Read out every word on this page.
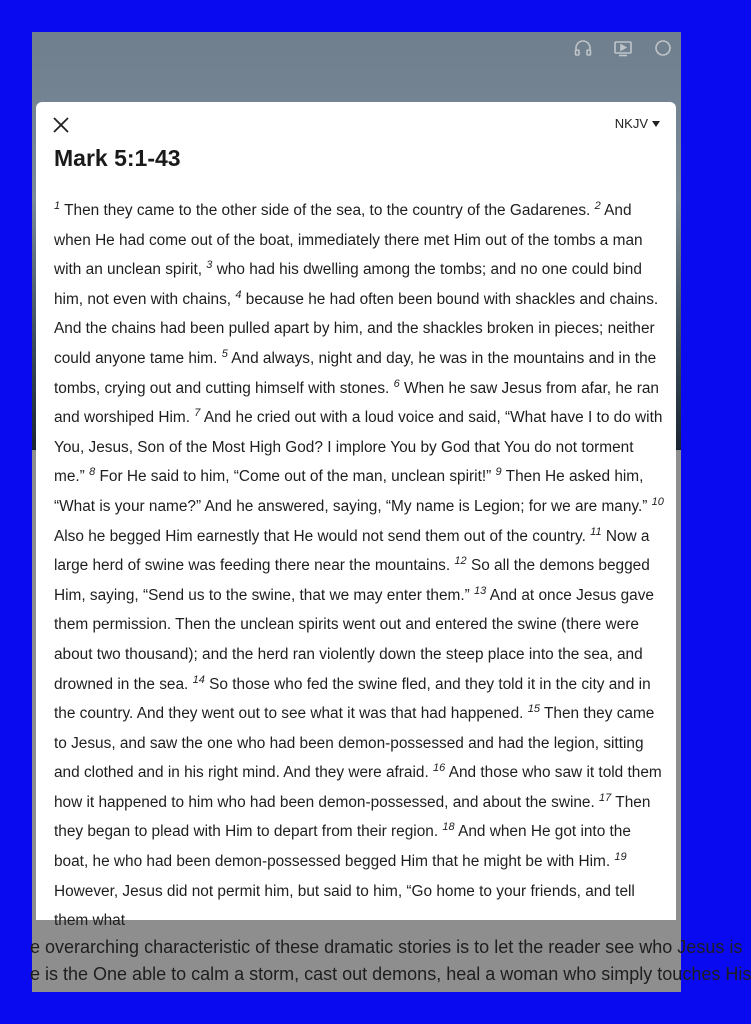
e overarching characteristic of these dramatic stories is to let the reader see who Jesus is
e is the One able to calm a storm, cast out demons, heal a woman who simply touches His
NKJV
Mark 5:1-43

$^1$ Then they came to the other side of the sea, to the country of the Gadarenes. $^2$ And when He had come out of the boat, immediately there met Him out of the tombs a man with an unclean spirit, $^3$ who had his dwelling among the tombs; and no one could bind him, not even with chains, $^4$ because he had often been bound with shackles and chains. And the chains had been pulled apart by him, and the shackles broken in pieces; neither could anyone tame him. $^5$ And always, night and day, he was in the mountains and in the tombs, crying out and cutting himself with stones. $^6$ When he saw Jesus from afar, he ran and worshiped Him. $^7$ And he cried out with a loud voice and said, “What have I to do with You, Jesus, Son of the Most High God? I implore You by God that You do not torment me.” $^8$ For He said to him, “Come out of the man, unclean spirit!” $^9$ Then He asked him, “What is your name?” And he answered, saying, “My name is Legion; for we are many.” $^{10}$ Also he begged Him earnestly that He would not send them out of the country. $^{11}$ Now a large herd of swine was feeding there near the mountains. $^{12}$ So all the demons begged Him, saying, “Send us to the swine, that we may enter them.” $^{13}$ And at once Jesus gave them permission. Then the unclean spirits went out and entered the swine (there were about two thousand); and the herd ran violently down the steep place into the sea, and drowned in the sea. $^{14}$ So those who fed the swine fled, and they told it in the city and in the country. And they went out to see what it was that had happened. $^{15}$ Then they came to Jesus, and saw the one who had been demon-possessed and had the legion, sitting and clothed and in his right mind. And they were afraid. $^{16}$ And those who saw it told them how it happened to him who had been demon-possessed, and about the swine. $^{17}$ Then they began to plead with Him to depart from their region. $^{18}$ And when He got into the boat, he who had been demon-possessed begged Him that he might be with Him. $^{19}$ However, Jesus did not permit him, but said to him, “Go home to your friends, and tell them what
